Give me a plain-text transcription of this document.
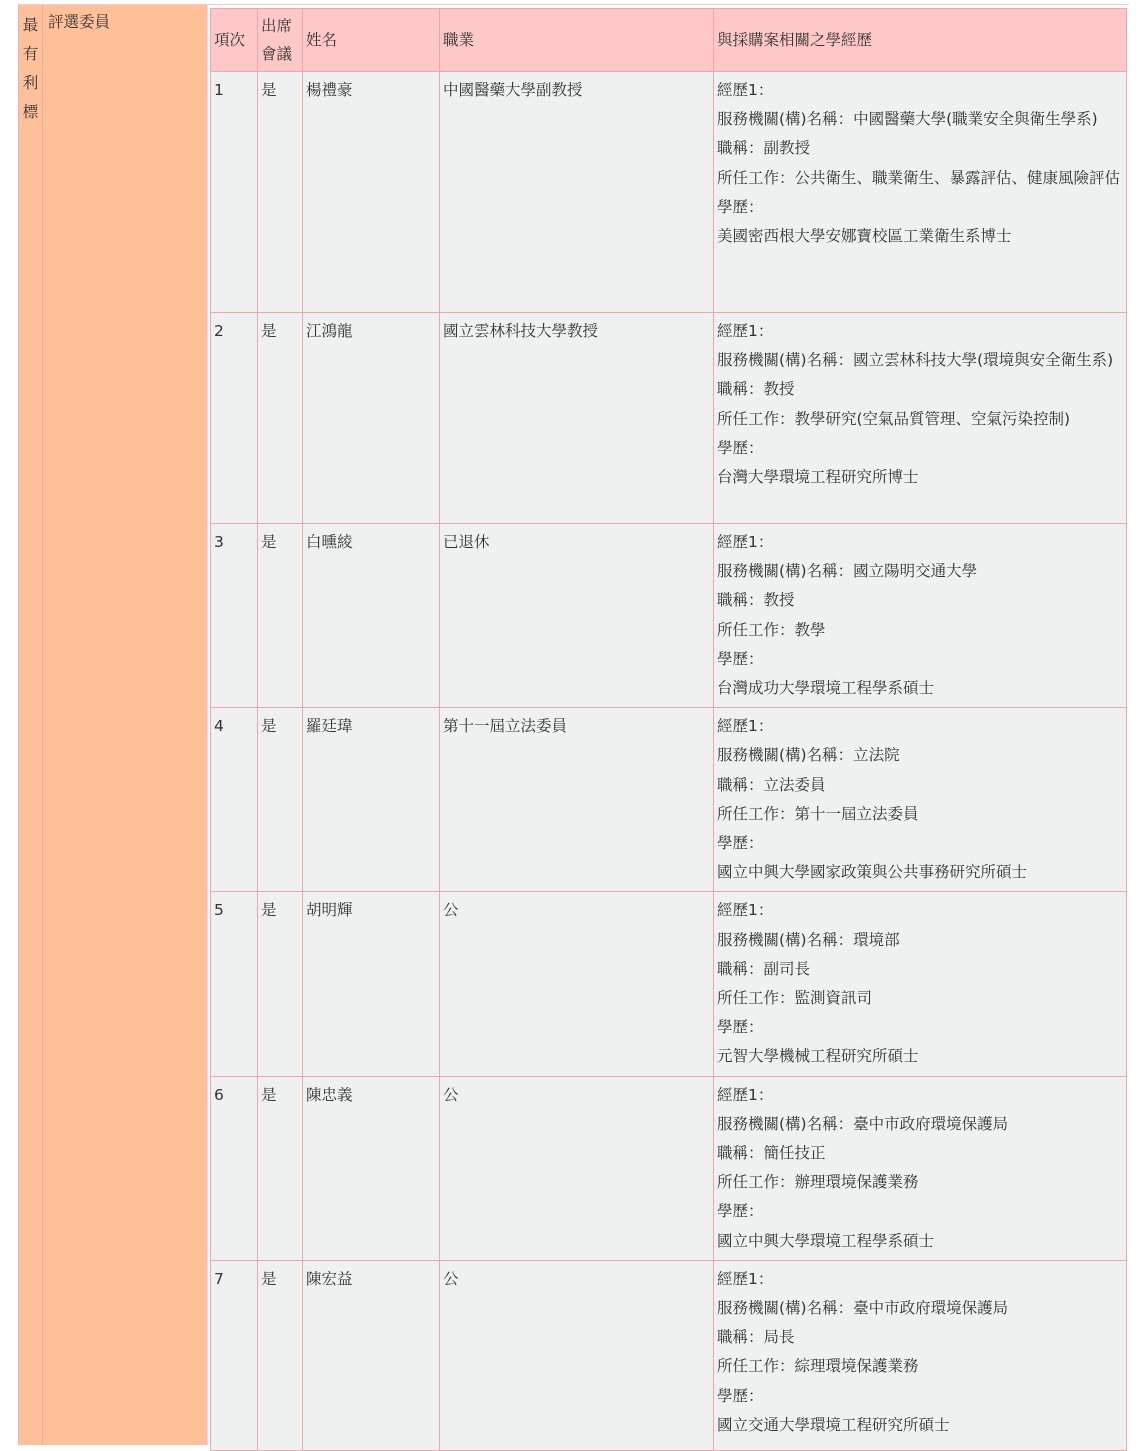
最
有
利
標
評選委員
項次	出席會議	姓名	職業	與採購案相關之學經歷
1	是	楊禮豪	中國醫藥大學副教授	經歷1：
服務機關(構)名稱：中國醫藥大學(職業安全與衛生學系)
職稱：副教授
所任工作：公共衛生、職業衛生、暴露評估、健康風險評估
學歷：
美國密西根大學安娜寶校區工業衛生系博士

2	是	江鴻龍	國立雲林科技大學教授	經歷1：
服務機關(構)名稱：國立雲林科技大學(環境與安全衛生系)
職稱：教授
所任工作：教學研究(空氣品質管理、空氣污染控制)
學歷：
台灣大學環境工程研究所博士

3	是	白曛綾	已退休	經歷1：
服務機關(構)名稱：國立陽明交通大學
職稱：教授
所任工作：教學
學歷：
台灣成功大學環境工程學系碩士

4	是	羅廷瑋	第十一屆立法委員	經歷1：
服務機關(構)名稱：立法院
職稱：立法委員
所任工作：第十一屆立法委員
學歷：
國立中興大學國家政策與公共事務研究所碩士

5	是	胡明輝	公	經歷1：
服務機關(構)名稱：環境部
職稱：副司長
所任工作：監測資訊司
學歷：
元智大學機械工程研究所碩士

6	是	陳忠義	公	經歷1：
服務機關(構)名稱：臺中市政府環境保護局
職稱：簡任技正
所任工作：辦理環境保護業務
學歷：
國立中興大學環境工程學系碩士

7	是	陳宏益	公	經歷1：
服務機關(構)名稱：臺中市政府環境保護局
職稱：局長
所任工作：綜理環境保護業務
學歷：
國立交通大學環境工程研究所碩士
